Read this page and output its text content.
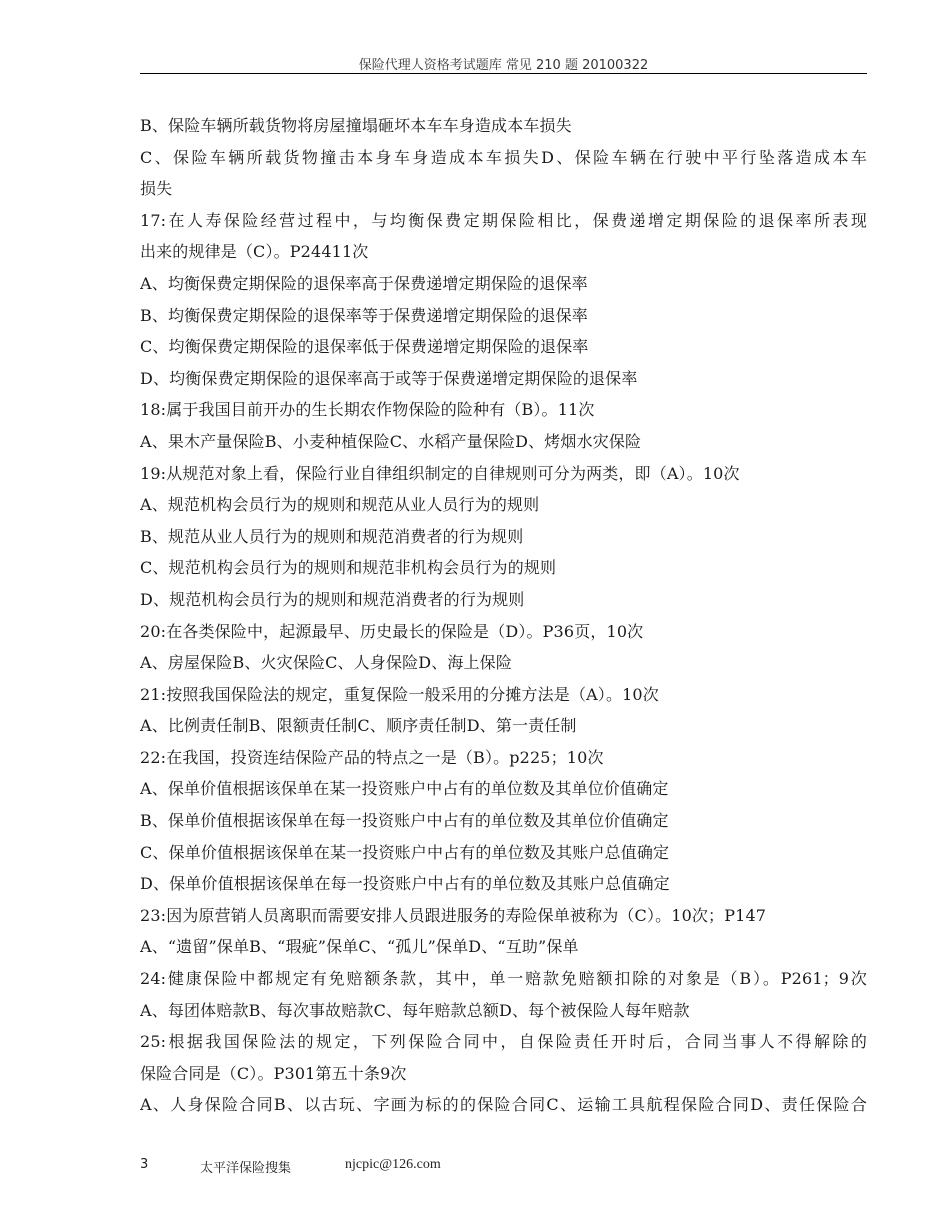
保险代理人资格考试题库 常见 210 题 20100322
B、保险车辆所载货物将房屋撞塌砸坏本车车身造成本车损失
C、保险车辆所载货物撞击本身车身造成本车损失D、保险车辆在行驶中平行坠落造成本车
损失
17:在人寿保险经营过程中，与均衡保费定期保险相比，保费递增定期保险的退保率所表现
出来的规律是（C）。P24411次
A、均衡保费定期保险的退保率高于保费递增定期保险的退保率
B、均衡保费定期保险的退保率等于保费递增定期保险的退保率
C、均衡保费定期保险的退保率低于保费递增定期保险的退保率
D、均衡保费定期保险的退保率高于或等于保费递增定期保险的退保率
18:属于我国目前开办的生长期农作物保险的险种有（B）。11次
A、果木产量保险B、小麦种植保险C、水稻产量保险D、烤烟水灾保险
19:从规范对象上看，保险行业自律组织制定的自律规则可分为两类，即（A）。10次
A、规范机构会员行为的规则和规范从业人员行为的规则
B、规范从业人员行为的规则和规范消费者的行为规则
C、规范机构会员行为的规则和规范非机构会员行为的规则
D、规范机构会员行为的规则和规范消费者的行为规则
20:在各类保险中，起源最早、历史最长的保险是（D）。P36页，10次
A、房屋保险B、火灾保险C、人身保险D、海上保险
21:按照我国保险法的规定，重复保险一般采用的分摊方法是（A）。10次
A、比例责任制B、限额责任制C、顺序责任制D、第一责任制
22:在我国，投资连结保险产品的特点之一是（B）。p225；10次
A、保单价值根据该保单在某一投资账户中占有的单位数及其单位价值确定
B、保单价值根据该保单在每一投资账户中占有的单位数及其单位价值确定
C、保单价值根据该保单在某一投资账户中占有的单位数及其账户总值确定
D、保单价值根据该保单在每一投资账户中占有的单位数及其账户总值确定
23:因为原营销人员离职而需要安排人员跟进服务的寿险保单被称为（C）。10次；P147
A、“遗留”保单B、“瑕疵”保单C、“孤儿”保单D、“互助”保单
24:健康保险中都规定有免赔额条款，其中，单一赔款免赔额扣除的对象是（B）。P261；9次
A、每团体赔款B、每次事故赔款C、每年赔款总额D、每个被保险人每年赔款
25:根据我国保险法的规定，下列保险合同中，自保险责任开时后，合同当事人不得解除的
保险合同是（C）。P301第五十条9次
A、人身保险合同B、以古玩、字画为标的的保险合同C、运输工具航程保险合同D、责任保险合
3	太平洋保险搜集	njcpic@126.com
